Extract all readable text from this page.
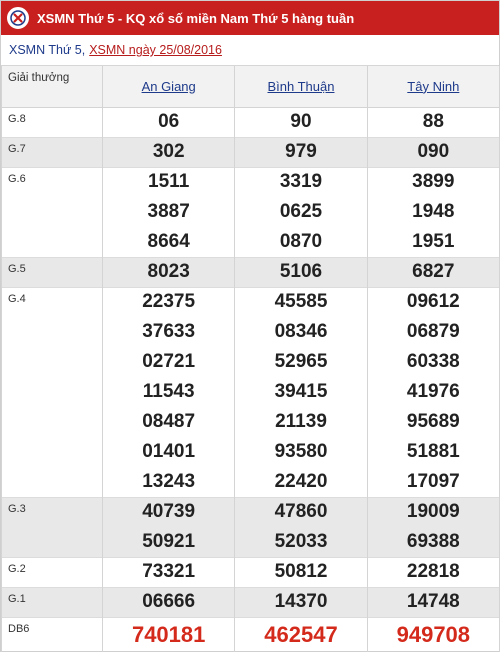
XSMN Thứ 5 - KQ xổ số miền Nam Thứ 5 hàng tuần
XSMN Thứ 5, XSMN ngày 25/08/2016
Giải thưởng	An Giang	Bình Thuận	Tây Ninh
G.8	06	90	88
G.7	302	979	090
G.6	1511	3319	3899
	3887	0625	1948
	8664	0870	1951
G.5	8023	5106	6827
G.4	22375	45585	09612
	37633	08346	06879
	02721	52965	60338
	11543	39415	41976
	08487	21139	95689
	01401	93580	51881
	13243	22420	17097
G.3	40739	47860	19009
	50921	52033	69388
G.2	73321	50812	22818
G.1	06666	14370	14748
DB6	740181	462547	949708
